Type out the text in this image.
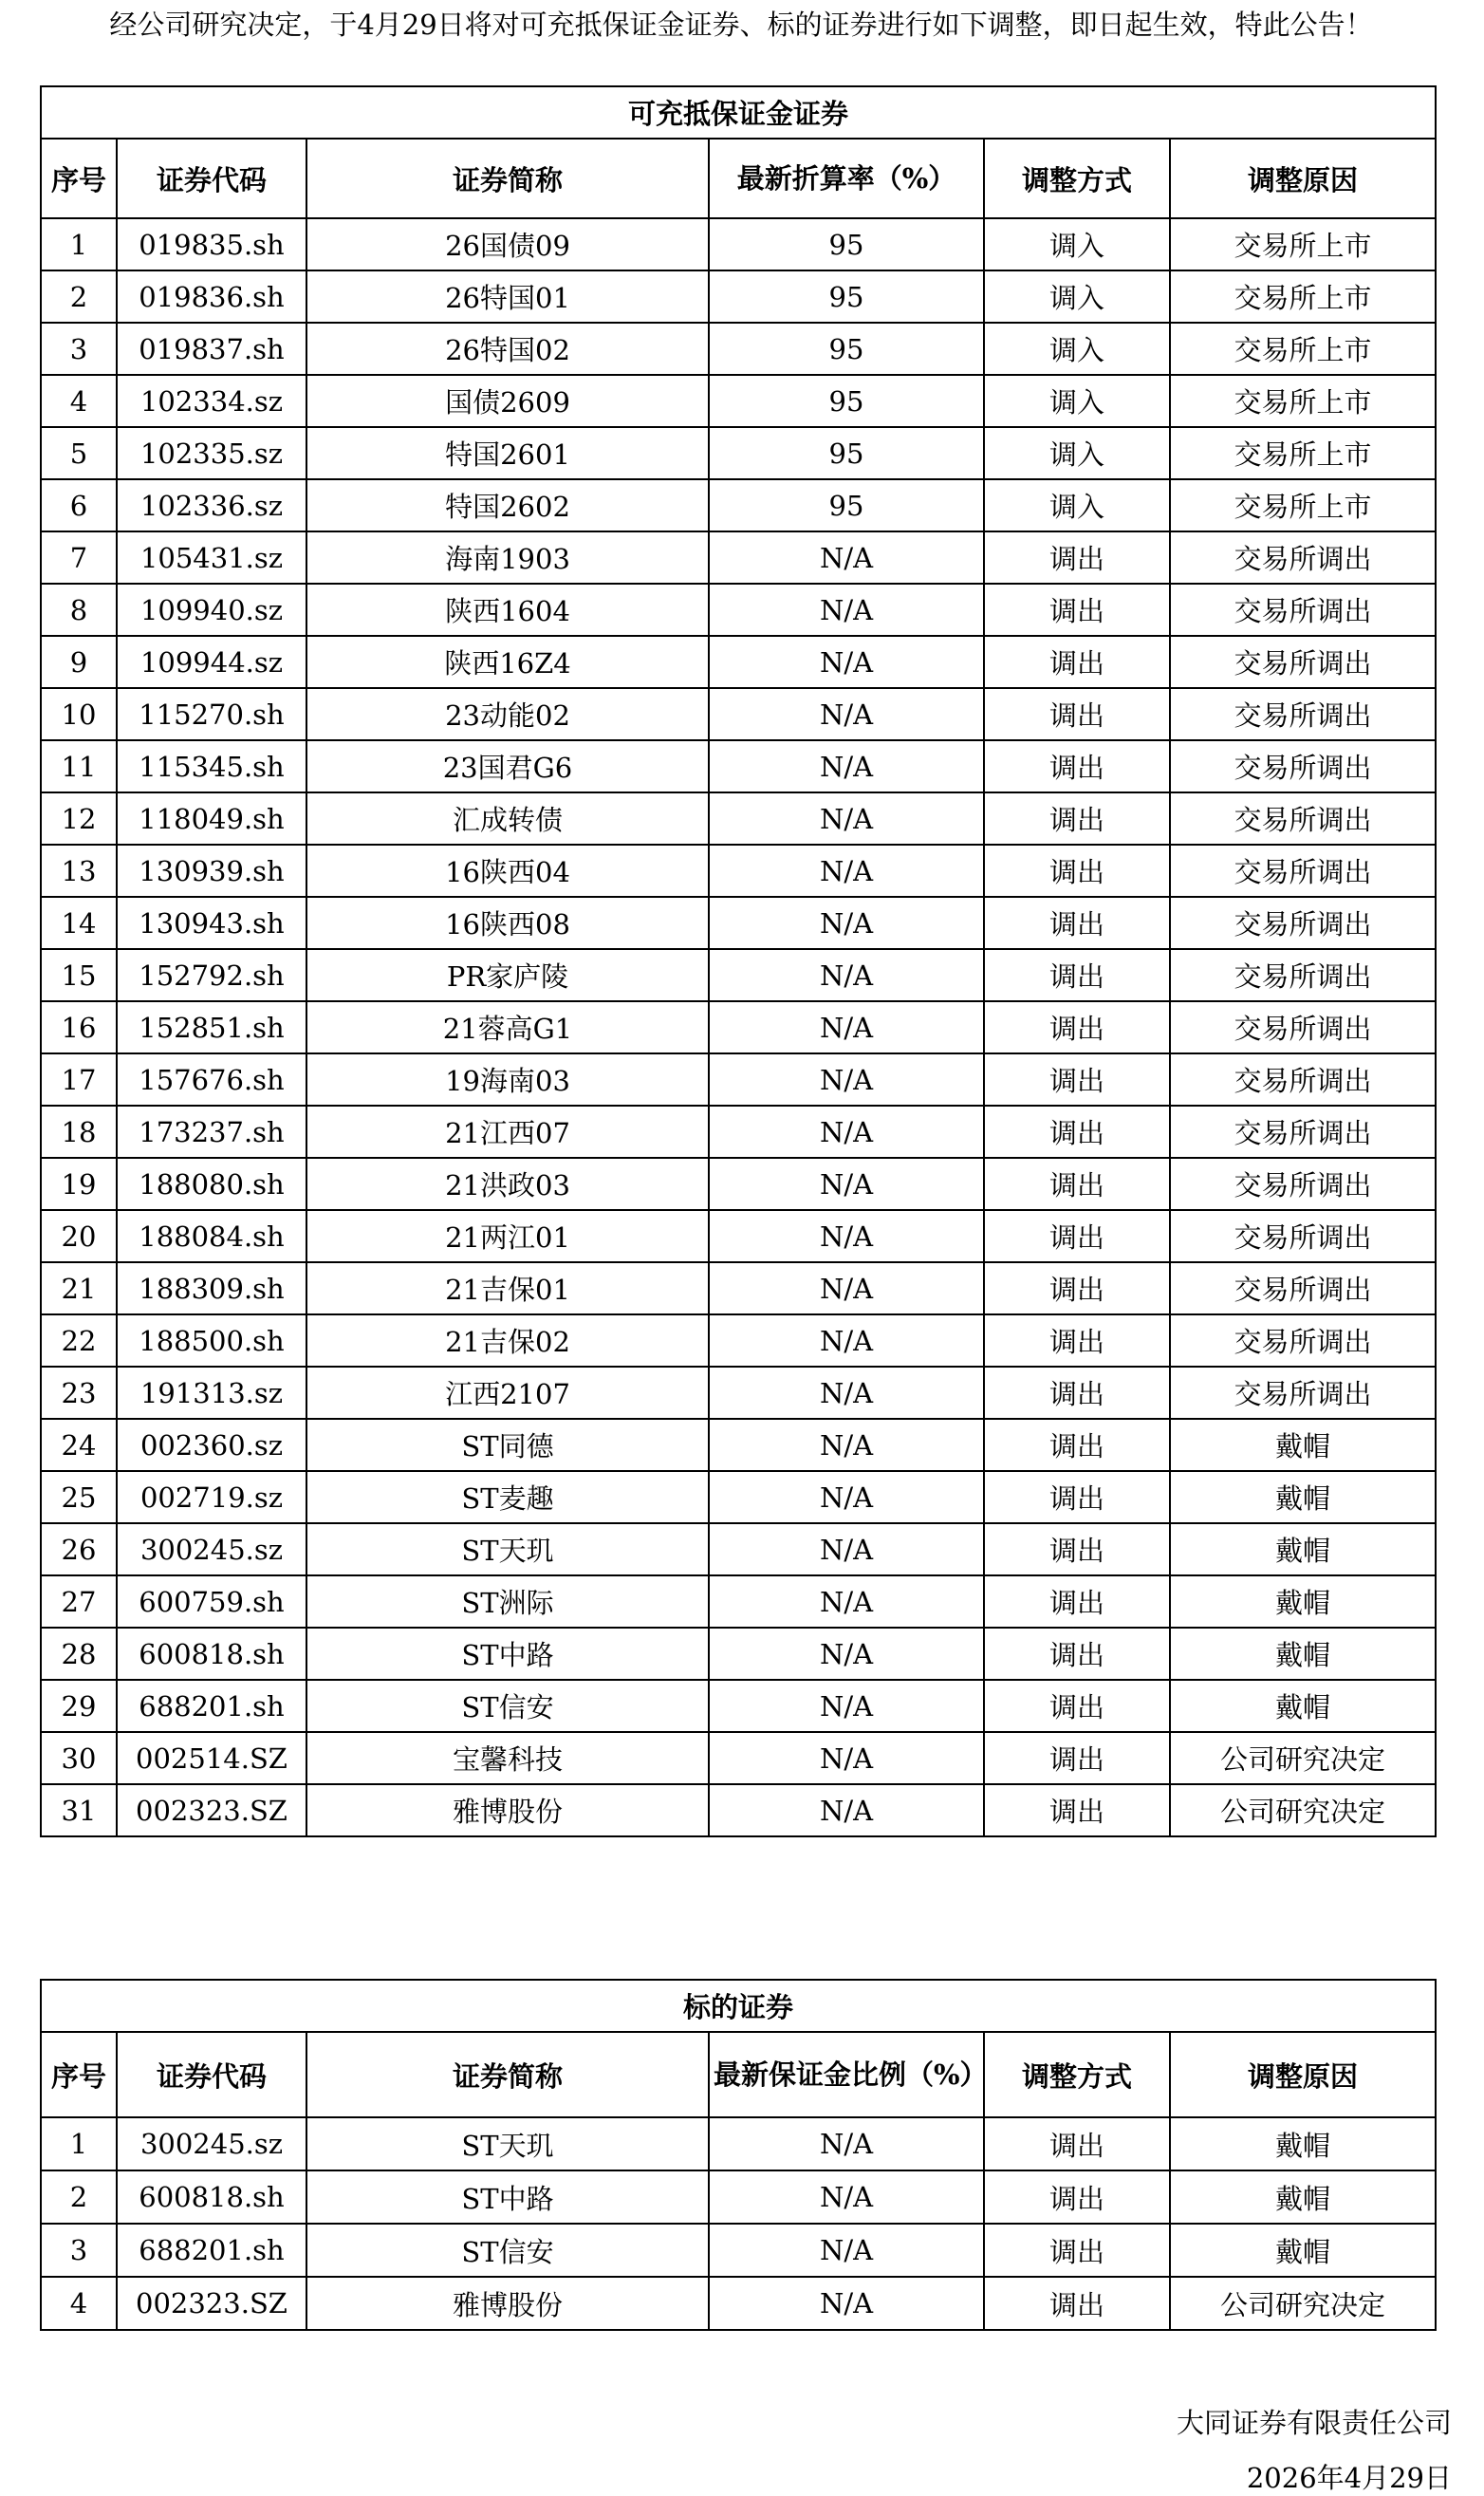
经公司研究决定，于4月29日将对可充抵保证金证券、标的证券进行如下调整，即日起生效，特此公告！
可充抵保证金证券					
序号	证券代码	证券简称	最新折算率（%）	调整方式	调整原因
1	019835.sh	26国债09	95	调入	交易所上市
2	019836.sh	26特国01	95	调入	交易所上市
3	019837.sh	26特国02	95	调入	交易所上市
4	102334.sz	国债2609	95	调入	交易所上市
5	102335.sz	特国2601	95	调入	交易所上市
6	102336.sz	特国2602	95	调入	交易所上市
7	105431.sz	海南1903	N/A	调出	交易所调出
8	109940.sz	陕西1604	N/A	调出	交易所调出
9	109944.sz	陕西16Z4	N/A	调出	交易所调出
10	115270.sh	23动能02	N/A	调出	交易所调出
11	115345.sh	23国君G6	N/A	调出	交易所调出
12	118049.sh	汇成转债	N/A	调出	交易所调出
13	130939.sh	16陕西04	N/A	调出	交易所调出
14	130943.sh	16陕西08	N/A	调出	交易所调出
15	152792.sh	PR家庐陵	N/A	调出	交易所调出
16	152851.sh	21蓉高G1	N/A	调出	交易所调出
17	157676.sh	19海南03	N/A	调出	交易所调出
18	173237.sh	21江西07	N/A	调出	交易所调出
19	188080.sh	21洪政03	N/A	调出	交易所调出
20	188084.sh	21两江01	N/A	调出	交易所调出
21	188309.sh	21吉保01	N/A	调出	交易所调出
22	188500.sh	21吉保02	N/A	调出	交易所调出
23	191313.sz	江西2107	N/A	调出	交易所调出
24	002360.sz	ST同德	N/A	调出	戴帽
25	002719.sz	ST麦趣	N/A	调出	戴帽
26	300245.sz	ST天玑	N/A	调出	戴帽
27	600759.sh	ST洲际	N/A	调出	戴帽
28	600818.sh	ST中路	N/A	调出	戴帽
29	688201.sh	ST信安	N/A	调出	戴帽
30	002514.SZ	宝馨科技	N/A	调出	公司研究决定
31	002323.SZ	雅博股份	N/A	调出	公司研究决定
标的证券					
序号	证券代码	证券简称	最新保证金比例（%）	调整方式	调整原因
1	300245.sz	ST天玑	N/A	调出	戴帽
2	600818.sh	ST中路	N/A	调出	戴帽
3	688201.sh	ST信安	N/A	调出	戴帽
4	002323.SZ	雅博股份	N/A	调出	公司研究决定
大同证券有限责任公司
2026年4月29日
